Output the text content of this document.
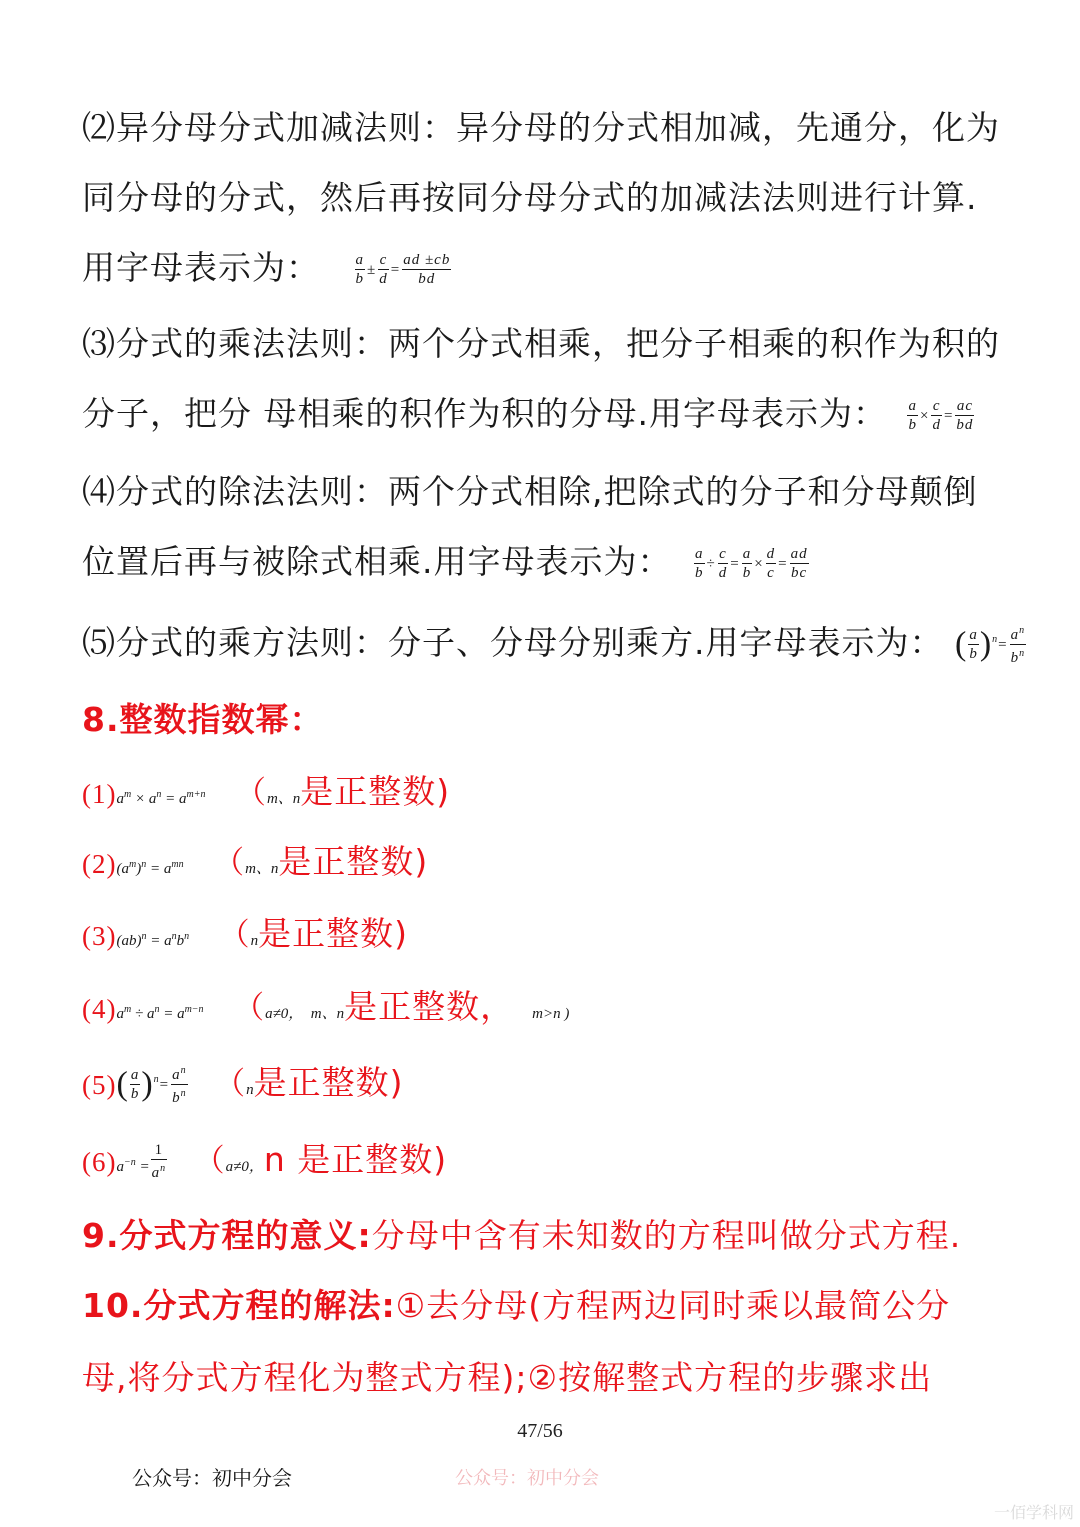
⑵异分母分式加减法则：异分母的分式相加减，先通分，化为
同分母的分式，然后再按同分母分式的加减法法则进行计算.
用字母表示为： $\frac{a}{b} \pm \frac{c}{d} = \frac{ad \pm cb}{bd}$
⑶分式的乘法法则：两个分式相乘，把分子相乘的积作为积的
分子，把分 母相乘的积作为积的分母.用字母表示为： $\frac{a}{b} \times \frac{c}{d} = \frac{ac}{bd}$
⑷分式的除法法则：两个分式相除,把除式的分子和分母颠倒
位置后再与被除式相乘.用字母表示为： $\frac{a}{b} \div \frac{c}{d} = \frac{a}{b} \times \frac{d}{c} = \frac{ad}{bc}$
⑸分式的乘方法则：分子、分母分别乘方.用字母表示为： ( $\frac{a}{b} )^n= \frac{a^n}{b^n}$
8.整数指数幂：
$(1)a^m \times a^n = a^{m+n}$ （m、n是正整数)
$(2)(a^m)^n = a^{mn}$ （m、n是正整数)
$(3)(ab)^n = a^nb^n$ （n是正整数)
$(4)a^m \div a^n = a^{m-n}$ （a≠0，  m、n是正整数， m>n )
$(5)( \frac{a}{b} )^n= \frac{a^n}{b^n} (n$是正整数)
$(6)a^{-n} = \frac{1}{a^n} (a\ne 0$，n 是正整数)
9.分式方程的意义:分母中含有未知数的方程叫做分式方程.
10.分式方程的解法:①去分母(方程两边同时乘以最简公分
母,将分式方程化为整式方程);②按解整式方程的步骤求出
47/56
公众号：初中分会	公众号：初中分会
一佰学科网
